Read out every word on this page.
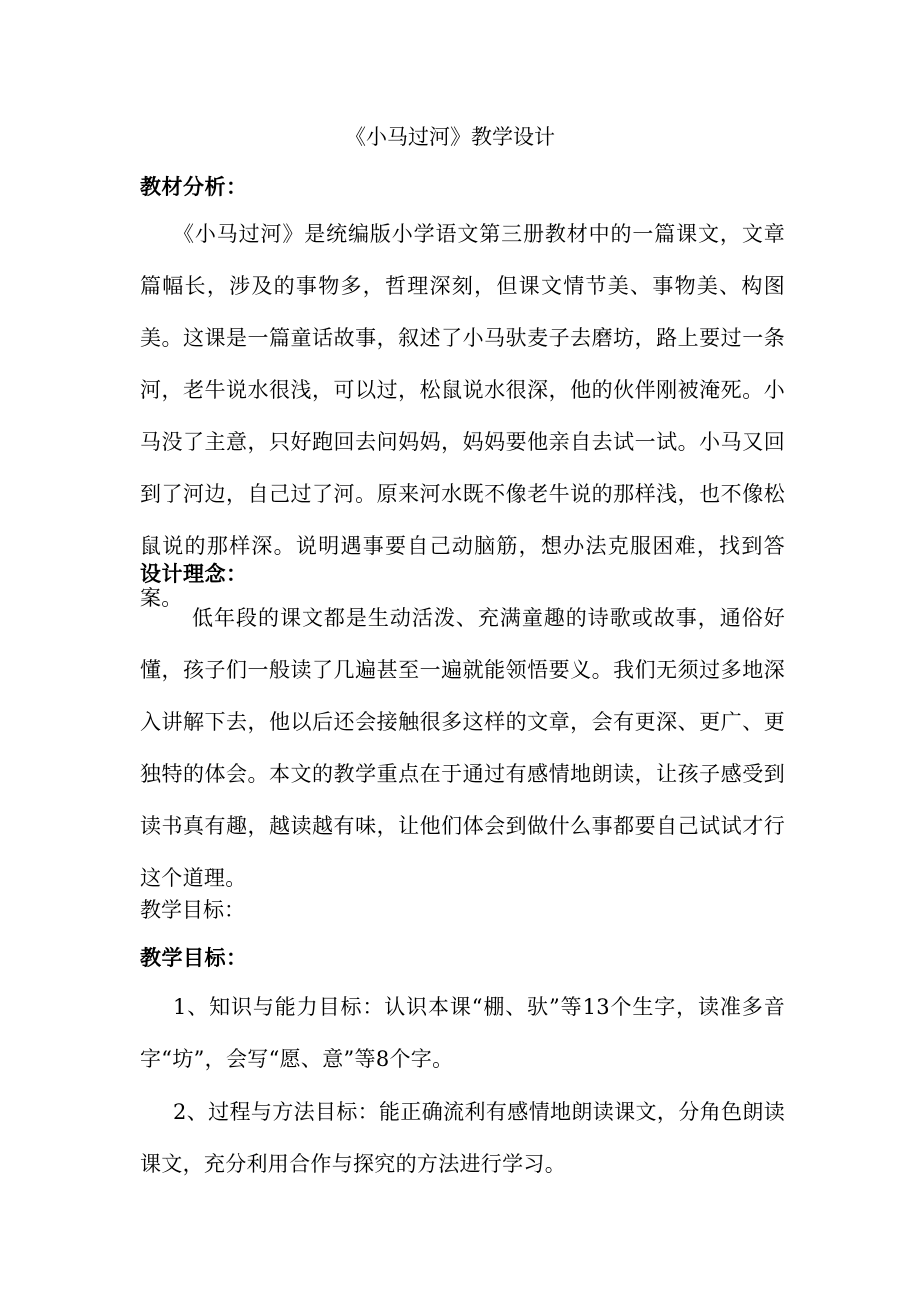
《小马过河》教学设计
教材分析：

《小马过河》是统编版小学语文第三册教材中的一篇课文，文章篇幅长，涉及的事物多，哲理深刻，但课文情节美、事物美、构图美。这课是一篇童话故事，叙述了小马驮麦子去磨坊，路上要过一条河，老牛说水很浅，可以过，松鼠说水很深，他的伙伴刚被淹死。小马没了主意，只好跑回去问妈妈，妈妈要他亲自去试一试。小马又回到了河边，自己过了河。原来河水既不像老牛说的那样浅，也不像松鼠说的那样深。说明遇事要自己动脑筋，想办法克服困难，找到答案。

设计理念：

低年段的课文都是生动活泼、充满童趣的诗歌或故事，通俗好懂，孩子们一般读了几遍甚至一遍就能领悟要义。我们无须过多地深入讲解下去，他以后还会接触很多这样的文章，会有更深、更广、更独特的体会。本文的教学重点在于通过有感情地朗读，让孩子感受到读书真有趣，越读越有味，让他们体会到做什么事都要自己试试才行这个道理。

教学目标：
教学目标：

1、知识与能力目标：认识本课“棚、驮”等13个生字，读准多音字“坊”，会写“愿、意”等8个字。

2、过程与方法目标：能正确流利有感情地朗读课文，分角色朗读课文，充分利用合作与探究的方法进行学习。
